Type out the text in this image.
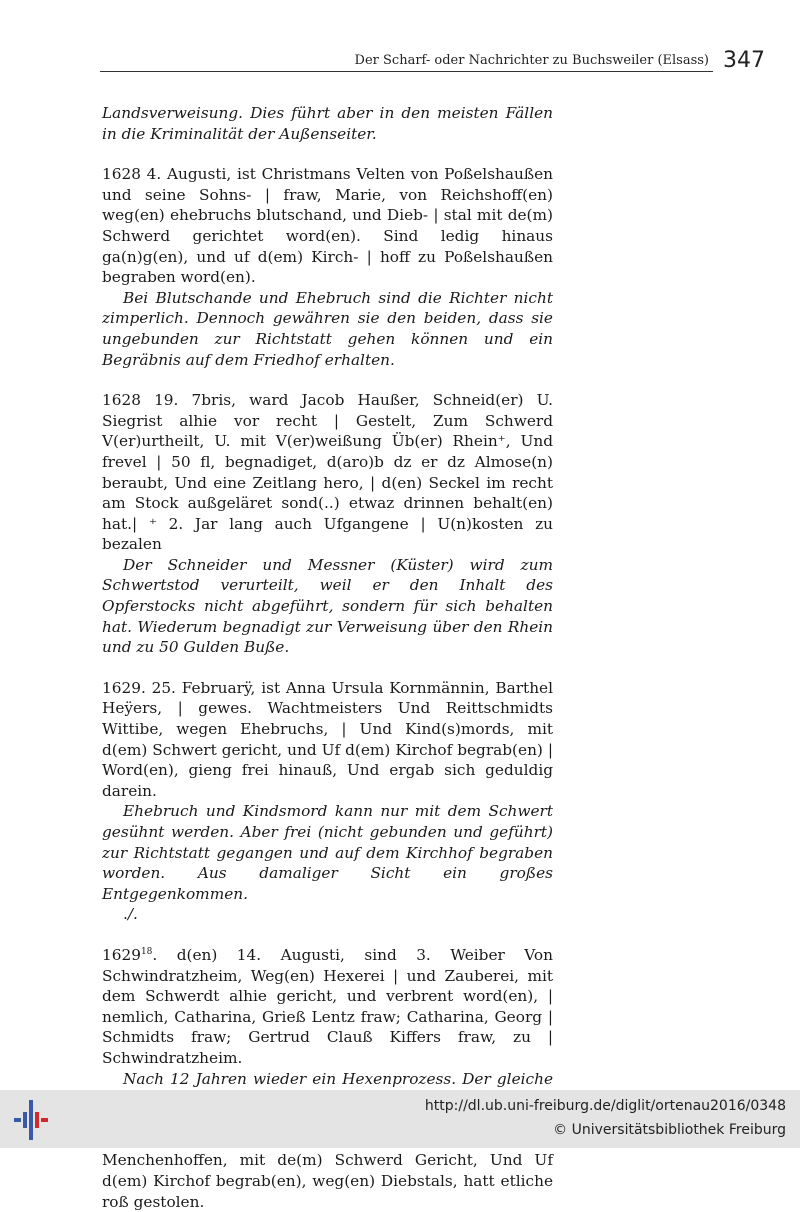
Der Scharf- oder Nachrichter zu Buchsweiler (Elsass) 347

Landsverweisung. Dies führt aber in den meisten Fällen in die Kriminalität der Außenseiter.

1628 4. Augusti, ist Christmans Velten von Poßelshaußen und seine Sohns- | fraw, Marie, von Reichshoff(en) weg(en) ehebruchs blutschand, und Dieb- | stal mit de(m) Schwerd gerichtet word(en). Sind ledig hinaus ga(n)g(en), und uf d(em) Kirch- | hoff zu Poßelshaußen begraben word(en).

Bei Blutschande und Ehebruch sind die Richter nicht zimperlich. Dennoch gewähren sie den beiden, dass sie ungebunden zur Richtstatt gehen können und ein Begräbnis auf dem Friedhof erhalten.

1628 19. 7bris, ward Jacob Haußer, Schneid(er) U. Siegrist alhie vor recht | Gestelt, Zum Schwerd V(er)urtheilt, U. mit V(er)weißung Üb(er) Rhein⁺, Und frevel | 50 fl, begnadiget, d(aro)b dz er dz Almose(n) beraubt, Und eine Zeitlang hero, | d(en) Seckel im recht am Stock außgeläret sond(..) etwaz drinnen behalt(en) hat.| ⁺ 2. Jar lang auch Ufgangene | U(n)kosten zu bezalen

Der Schneider und Messner (Küster) wird zum Schwertstod verurteilt, weil er den Inhalt des Opferstocks nicht abgeführt, sondern für sich behalten hat. Wiederum begnadigt zur Verweisung über den Rhein und zu 50 Gulden Buße.

1629. 25. Februarÿ, ist Anna Ursula Kornmännin, Barthel Heÿers, | gewes. Wachtmeisters Und Reittschmidts Wittibe, wegen Ehebruchs, | Und Kind(s)mords, mit d(em) Schwert gericht, und Uf d(em) Kirchof begrab(en) | Word(en), gieng frei hinauß, Und ergab sich geduldig darein.

Ehebruch und Kindsmord kann nur mit dem Schwert gesühnt werden. Aber frei (nicht gebunden und geführt) zur Richtstatt gegangen und auf dem Kirchhof begraben worden. Aus damaliger Sicht ein großes Entgegenkommen.

./.

1629$^{18}$. d(en) 14. Augusti, sind 3. Weiber Von Schwindratzheim, Weg(en) Hexerei | und Zauberei, mit dem Schwerdt alhie gericht, und verbrent word(en), | nemlich, Catharina, Grieß Lentz fraw; Catharina, Georg | Schmidts fraw; Gertrud Clauß Kiffers fraw, zu | Schwindratzheim.

Nach 12 Jahren wieder ein Hexenprozess. Der gleiche

Menchenhoffen, mit de(m) Schwerd Gericht, Und Uf d(em) Kirchof begrab(en), weg(en) Diebstals, hatt etliche roß gestolen.

http://dl.ub.uni-freiburg.de/diglit/ortenau2016/0348
© Universitätsbibliothek Freiburg
